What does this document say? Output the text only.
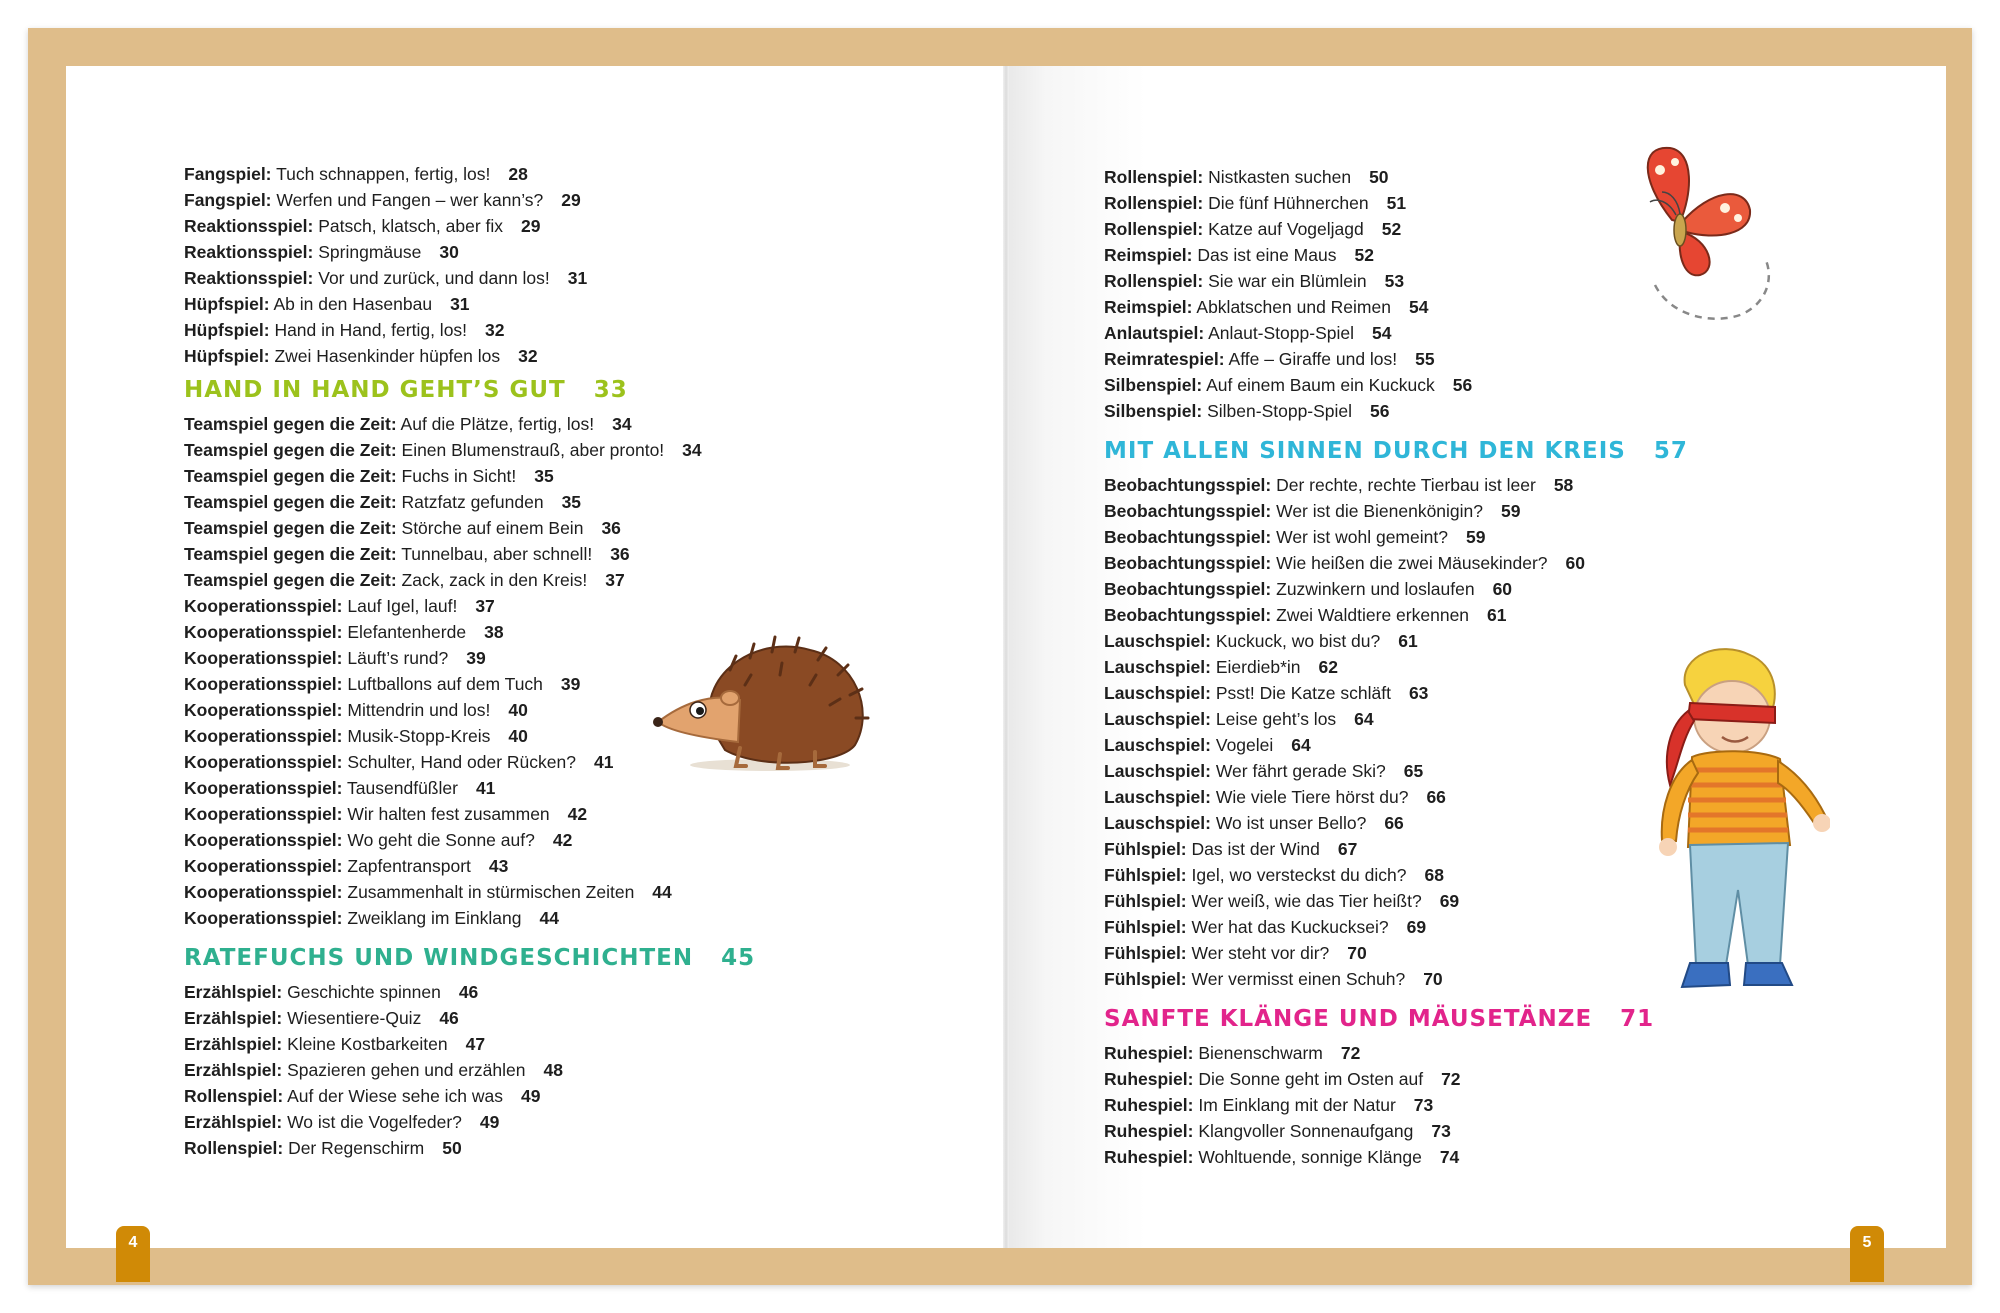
Fangspiel: Tuch schnappen, fertig, los! 28
Fangspiel: Werfen und Fangen – wer kann’s? 29
Reaktionsspiel: Patsch, klatsch, aber fix 29
Reaktionsspiel: Springmäuse 30
Reaktionsspiel: Vor und zurück, und dann los! 31
Hüpfspiel: Ab in den Hasenbau 31
Hüpfspiel: Hand in Hand, fertig, los! 32
Hüpfspiel: Zwei Hasenkinder hüpfen los 32
HAND IN HAND GEHT’S GUT 33
Teamspiel gegen die Zeit: Auf die Plätze, fertig, los! 34
Teamspiel gegen die Zeit: Einen Blumenstrauß, aber pronto! 34
Teamspiel gegen die Zeit: Fuchs in Sicht! 35
Teamspiel gegen die Zeit: Ratzfatz gefunden 35
Teamspiel gegen die Zeit: Störche auf einem Bein 36
Teamspiel gegen die Zeit: Tunnelbau, aber schnell! 36
Teamspiel gegen die Zeit: Zack, zack in den Kreis! 37
Kooperationsspiel: Lauf Igel, lauf! 37
Kooperationsspiel: Elefantenherde 38
Kooperationsspiel: Läuft’s rund? 39
Kooperationsspiel: Luftballons auf dem Tuch 39
Kooperationsspiel: Mittendrin und los! 40
Kooperationsspiel: Musik-Stopp-Kreis 40
Kooperationsspiel: Schulter, Hand oder Rücken? 41
Kooperationsspiel: Tausendfüßler 41
Kooperationsspiel: Wir halten fest zusammen 42
Kooperationsspiel: Wo geht die Sonne auf? 42
Kooperationsspiel: Zapfentransport 43
Kooperationsspiel: Zusammenhalt in stürmischen Zeiten 44
Kooperationsspiel: Zweiklang im Einklang 44
RATEFUCHS UND WINDGESCHICHTEN 45
Erzählspiel: Geschichte spinnen 46
Erzählspiel: Wiesentiere-Quiz 46
Erzählspiel: Kleine Kostbarkeiten 47
Erzählspiel: Spazieren gehen und erzählen 48
Rollenspiel: Auf der Wiese sehe ich was 49
Erzählspiel: Wo ist die Vogelfeder? 49
Rollenspiel: Der Regenschirm 50
Rollenspiel: Nistkasten suchen 50
Rollenspiel: Die fünf Hühnerchen 51
Rollenspiel: Katze auf Vogeljagd 52
Reimspiel: Das ist eine Maus 52
Rollenspiel: Sie war ein Blümlein 53
Reimspiel: Abklatschen und Reimen 54
Anlautspiel: Anlaut-Stopp-Spiel 54
Reimratespiel: Affe – Giraffe und los! 55
Silbenspiel: Auf einem Baum ein Kuckuck 56
Silbenspiel: Silben-Stopp-Spiel 56
MIT ALLEN SINNEN DURCH DEN KREIS 57
Beobachtungsspiel: Der rechte, rechte Tierbau ist leer 58
Beobachtungsspiel: Wer ist die Bienenkönigin? 59
Beobachtungsspiel: Wer ist wohl gemeint? 59
Beobachtungsspiel: Wie heißen die zwei Mäusekinder? 60
Beobachtungsspiel: Zuzwinkern und loslaufen 60
Beobachtungsspiel: Zwei Waldtiere erkennen 61
Lauschspiel: Kuckuck, wo bist du? 61
Lauschspiel: Eierdieb*in 62
Lauschspiel: Psst! Die Katze schläft 63
Lauschspiel: Leise geht’s los 64
Lauschspiel: Vogelei 64
Lauschspiel: Wer fährt gerade Ski? 65
Lauschspiel: Wie viele Tiere hörst du? 66
Lauschspiel: Wo ist unser Bello? 66
Fühlspiel: Das ist der Wind 67
Fühlspiel: Igel, wo versteckst du dich? 68
Fühlspiel: Wer weiß, wie das Tier heißt? 69
Fühlspiel: Wer hat das Kuckucksei? 69
Fühlspiel: Wer steht vor dir? 70
Fühlspiel: Wer vermisst einen Schuh? 70
SANFTE KLÄNGE UND MÄUSETÄNZE 71
Ruhespiel: Bienenschwarm 72
Ruhespiel: Die Sonne geht im Osten auf 72
Ruhespiel: Im Einklang mit der Natur 73
Ruhespiel: Klangvoller Sonnenaufgang 73
Ruhespiel: Wohltuende, sonnige Klänge 74
4	5
